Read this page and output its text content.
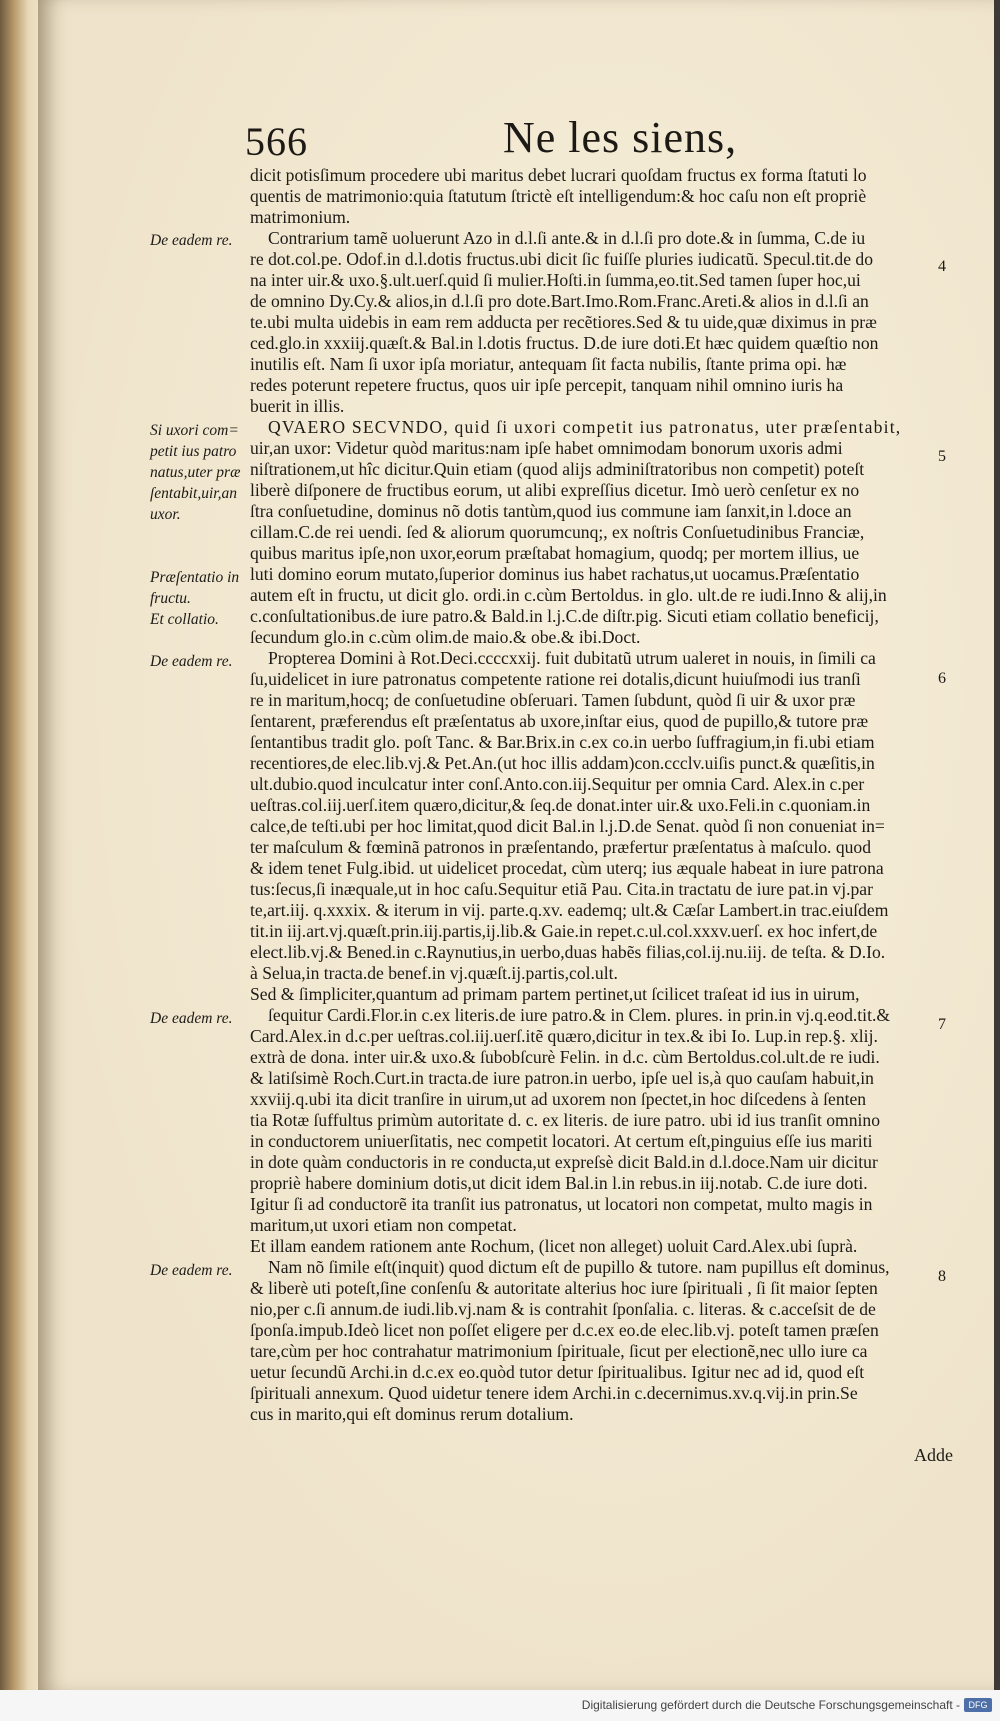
566	Ne les siens,
dicit potisſimum procedere ubi maritus debet lucrari quoſdam fructus ex forma ſtatuti lo
quentis de matrimonio:quia ſtatutum ſtrictè eſt intelligendum:& hoc caſu non eſt propriè
matrimonium.
De eadem re.	Contrarium tamẽ uoluerunt Azo in d.l.ſi ante.& in d.l.ſi pro dote.& in ſumma, C.de iu
4
re dot.col.pe. Odof.in d.l.dotis fructus.ubi dicit ſic fuiſſe pluries iudicatũ. Specul.tit.de do
na inter uir.& uxo.§.ult.uerſ.quid ſi mulier.Hoſti.in ſumma,eo.tit.Sed tamen ſuper hoc,ui
de omnino Dy.Cy.& alios,in d.l.ſi pro dote.Bart.Imo.Rom.Franc.Areti.& alios in d.l.ſi an
te.ubi multa uidebis in eam rem adducta per recẽtiores.Sed & tu uide,quæ diximus in præ
ced.glo.in xxxiij.quæſt.& Bal.in l.dotis fructus. D.de iure doti.Et hæc quidem quæſtio non
inutilis eſt. Nam ſi uxor ipſa moriatur, antequam ſit facta nubilis, ſtante prima opi. hæ
redes poterunt repetere fructus, quos uir ipſe percepit, tanquam nihil omnino iuris ha
buerit in illis.
Si uxori com=
petit ius patro
natus,uter præ
ſentabit,uir,an
uxor.
QVAERO SECVNDO, quid ſi uxori competit ius patronatus, uter præſentabit,
5
uir,an uxor: Videtur quòd maritus:nam ipſe habet omnimodam bonorum uxoris admi
niſtrationem,ut hîc dicitur.Quin etiam (quod alijs adminiſtratoribus non competit) poteſt
liberè diſponere de fructibus eorum, ut alibi expreſſius dicetur. Imò uerò cenſetur ex no
ſtra conſuetudine, dominus nõ dotis tantùm,quod ius commune iam ſanxit,in l.doce an
cillam.C.de rei uendi. ſed & aliorum quorumcunq;, ex noſtris Conſuetudinibus Franciæ,
quibus maritus ipſe,non uxor,eorum præſtabat homagium, quodq; per mortem illius, ue
Præſentatio in luti domino eorum mutato,ſuperior dominus ius habet rachatus,ut uocamus.Præſentatio
fructu.	autem eſt in fructu, ut dicit glo. ordi.in c.cùm Bertoldus. in glo. ult.de re iudi.Inno & alij,in
Et collatio.	c.conſultationibus.de iure patro.& Bald.in l.j.C.de diſtr.pig. Sicuti etiam collatio beneficij,
ſecundum glo.in c.cùm olim.de maio.& obe.& ibi.Doct.
De eadem re.	Propterea Domini à Rot.Deci.ccccxxij. fuit dubitatũ utrum ualeret in nouis, in ſimili ca
6
ſu,uidelicet in iure patronatus competente ratione rei dotalis,dicunt huiuſmodi ius tranſi
re in maritum,hocq; de conſuetudine obſeruari. Tamen ſubdunt, quòd ſi uir & uxor præ
ſentarent, præferendus eſt præſentatus ab uxore,inſtar eius, quod de pupillo,& tutore præ
ſentantibus tradit glo. poſt Tanc. & Bar.Brix.in c.ex co.in uerbo ſuffragium,in fi.ubi etiam
recentiores,de elec.lib.vj.& Pet.An.(ut hoc illis addam)con.ccclv.uiſis punct.& quæſitis,in
ult.dubio.quod inculcatur inter conſ.Anto.con.iij.Sequitur per omnia Card. Alex.in c.per
ueſtras.col.iij.uerſ.item quæro,dicitur,& ſeq.de donat.inter uir.& uxo.Feli.in c.quoniam.in
calce,de teſti.ubi per hoc limitat,quod dicit Bal.in l.j.D.de Senat. quòd ſi non conueniat in=
ter maſculum & fœminã patronos in præſentando, præfertur præſentatus à maſculo. quod
& idem tenet Fulg.ibid. ut uidelicet procedat, cùm uterq; ius æquale habeat in iure patrona
tus:ſecus,ſi inæquale,ut in hoc caſu.Sequitur etiã Pau. Cita.in tractatu de iure pat.in vj.par
te,art.iij. q.xxxix. & iterum in vij. parte.q.xv. eademq; ult.& Cæſar Lambert.in trac.eiuſdem
tit.in iij.art.vj.quæſt.prin.iij.partis,ij.lib.& Gaie.in repet.c.ul.col.xxxv.uerſ. ex hoc infert,de
elect.lib.vj.& Bened.in c.Raynutius,in uerbo,duas habẽs filias,col.ij.nu.iij. de teſta. & D.Io.
à Selua,in tracta.de benef.in vj.quæſt.ij.partis,col.ult.
Sed & ſimpliciter,quantum ad primam partem pertinet,ut ſcilicet traſeat id ius in uirum,
De eadem re.	ſequitur Cardi.Flor.in c.ex literis.de iure patro.& in Clem. plures. in prin.in vj.q.eod.tit.&	7
Card.Alex.in d.c.per ueſtras.col.iij.uerſ.itẽ quæro,dicitur in tex.& ibi Io. Lup.in rep.§. xlij.
extrà de dona. inter uir.& uxo.& ſubobſcurè Felin. in d.c. cùm Bertoldus.col.ult.de re iudi.
& latiſsimè Roch.Curt.in tracta.de iure patron.in uerbo, ipſe uel is,à quo cauſam habuit,in
xxviij.q.ubi ita dicit tranſire in uirum,ut ad uxorem non ſpectet,in hoc diſcedens à ſenten
tia Rotæ ſuffultus primùm autoritate d. c. ex literis. de iure patro. ubi id ius tranſit omnino
in conductorem uniuerſitatis, nec competit locatori. At certum eſt,pinguius eſſe ius mariti
in dote quàm conductoris in re conducta,ut expreſsè dicit Bald.in d.l.doce.Nam uir dicitur
propriè habere dominium dotis,ut dicit idem Bal.in l.in rebus.in iij.notab. C.de iure doti.
Igitur ſi ad conductorẽ ita tranſit ius patronatus, ut locatori non competat, multo magis in
maritum,ut uxori etiam non competat.
Et illam eandem rationem ante Rochum, (licet non alleget) uoluit Card.Alex.ubi ſuprà.
De eadem re.	Nam nõ ſimile eſt(inquit) quod dictum eſt de pupillo & tutore. nam pupillus eſt dominus,	8
& liberè uti poteſt,ſine conſenſu & autoritate alterius hoc iure ſpirituali , ſi ſit maior ſepten
nio,per c.ſi annum.de iudi.lib.vj.nam & is contrahit ſponſalia. c. literas. & c.acceſsit de de
ſponſa.impub.Ideò licet non poſſet eligere per d.c.ex eo.de elec.lib.vj. poteſt tamen præſen
tare,cùm per hoc contrahatur matrimonium ſpirituale, ſicut per electionẽ,nec ullo iure ca
uetur ſecundũ Archi.in d.c.ex eo.quòd tutor detur ſpiritualibus. Igitur nec ad id, quod eſt
ſpirituali annexum. Quod uidetur tenere idem Archi.in c.decernimus.xv.q.vij.in prin.Se
cus in marito,qui eſt dominus rerum dotalium.
Adde
Digitalisierung gefördert durch die Deutsche Forschungsgemeinschaft - DFG
